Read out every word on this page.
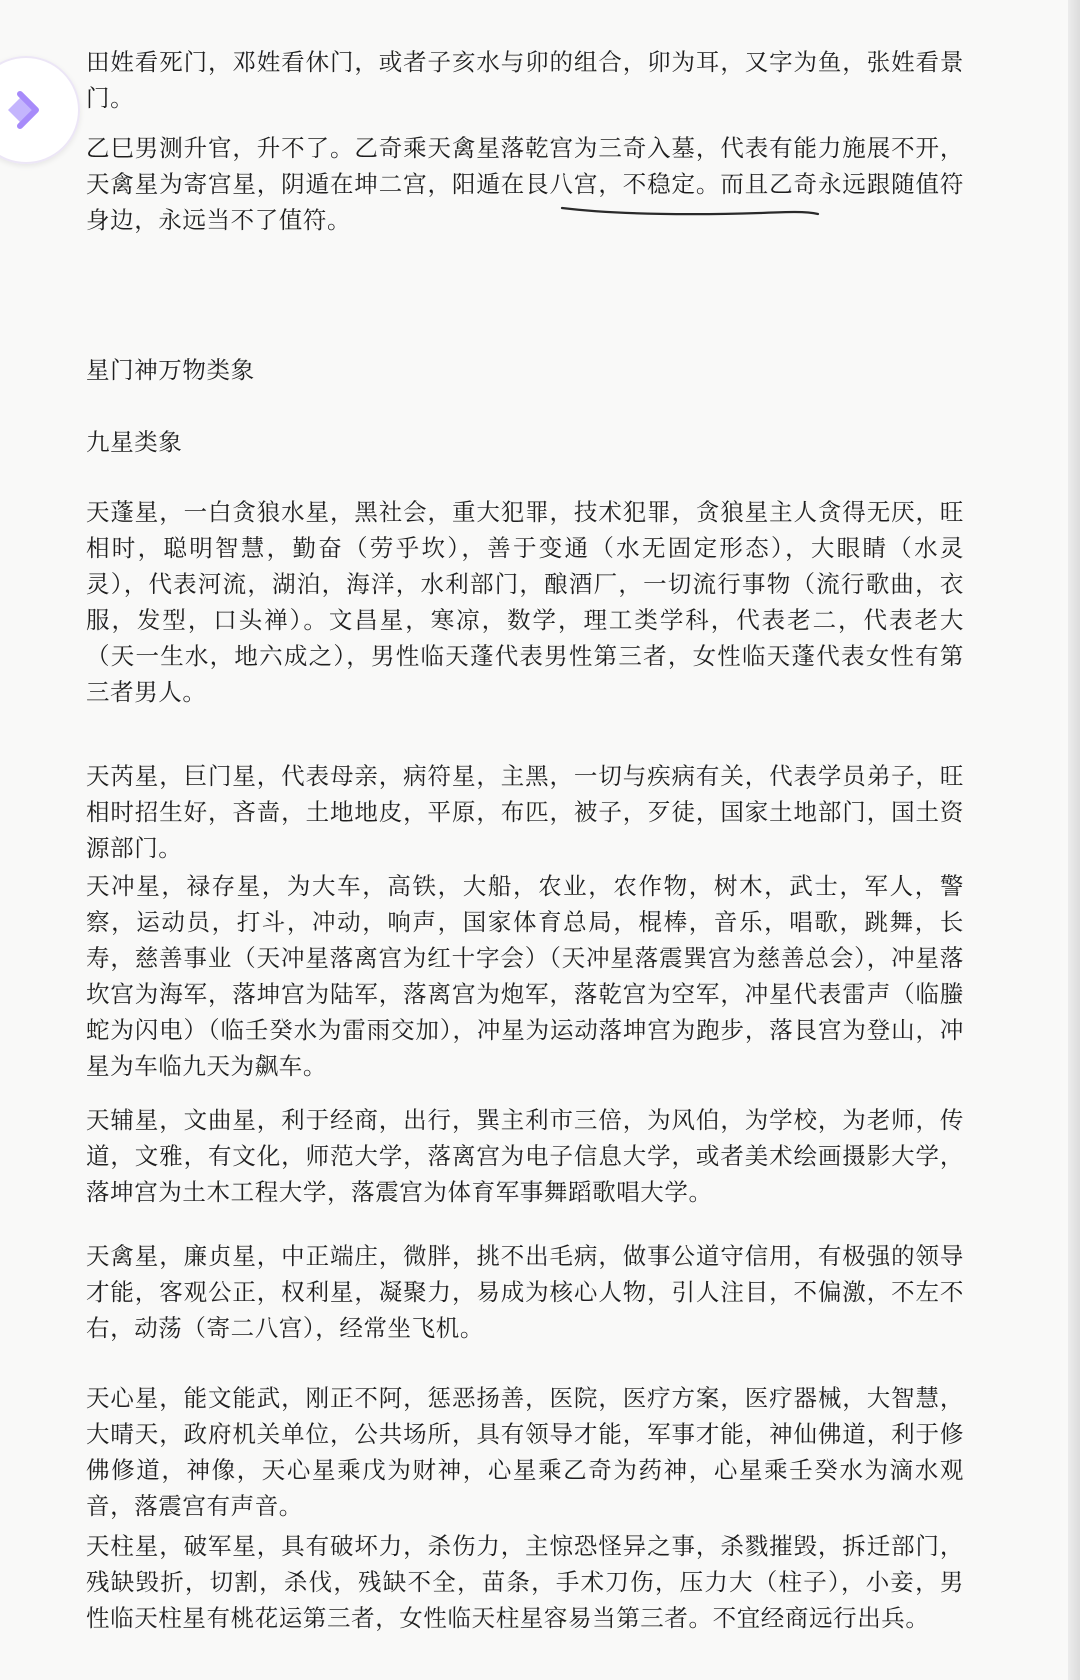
田姓看死门，邓姓看休门，或者子亥水与卯的组合，卯为耳，又字为鱼，张姓看景门。

乙巳男测升官，升不了。乙奇乘天禽星落乾宫为三奇入墓，代表有能力施展不开，天禽星为寄宫星，阴遁在坤二宫，阳遁在艮八宫，不稳定。而且乙奇永远跟随值符身边，永远当不了值符。

星门神万物类象
九星类象

天蓬星，一白贪狼水星，黑社会，重大犯罪，技术犯罪，贪狼星主人贪得无厌，旺相时，聪明智慧，勤奋（劳乎坎），善于变通（水无固定形态），大眼睛（水灵灵），代表河流，湖泊，海洋，水利部门，酿酒厂，一切流行事物（流行歌曲，衣服，发型，口头禅）。文昌星，寒凉，数学，理工类学科，代表老二，代表老大（天一生水，地六成之），男性临天蓬代表男性第三者，女性临天蓬代表女性有第三者男人。

天芮星，巨门星，代表母亲，病符星，主黑，一切与疾病有关，代表学员弟子，旺相时招生好，吝啬，土地地皮，平原，布匹，被子，歹徒，国家土地部门，国土资源部门。

天冲星，禄存星，为大车，高铁，大船，农业，农作物，树木，武士，军人，警察，运动员，打斗，冲动，响声，国家体育总局，棍棒，音乐，唱歌，跳舞，长寿，慈善事业（天冲星落离宫为红十字会）（天冲星落震巽宫为慈善总会），冲星落坎宫为海军，落坤宫为陆军，落离宫为炮军，落乾宫为空军，冲星代表雷声（临螣蛇为闪电）（临壬癸水为雷雨交加），冲星为运动落坤宫为跑步，落艮宫为登山，冲星为车临九天为飙车。

天辅星，文曲星，利于经商，出行，巽主利市三倍，为风伯，为学校，为老师，传道，文雅，有文化，师范大学，落离宫为电子信息大学，或者美术绘画摄影大学，落坤宫为土木工程大学，落震宫为体育军事舞蹈歌唱大学。

天禽星，廉贞星，中正端庄，微胖，挑不出毛病，做事公道守信用，有极强的领导才能，客观公正，权利星，凝聚力，易成为核心人物，引人注目，不偏激，不左不右，动荡（寄二八宫），经常坐飞机。

天心星，能文能武，刚正不阿，惩恶扬善，医院，医疗方案，医疗器械，大智慧，大晴天，政府机关单位，公共场所，具有领导才能，军事才能，神仙佛道，利于修佛修道，神像，天心星乘戊为财神，心星乘乙奇为药神，心星乘壬癸水为滴水观音，落震宫有声音。

天柱星，破军星，具有破坏力，杀伤力，主惊恐怪异之事，杀戮摧毁，拆迁部门，残缺毁折，切割，杀伐，残缺不全，苗条，手术刀伤，压力大（柱子），小妾，男性临天柱星有桃花运第三者，女性临天柱星容易当第三者。不宜经商远行出兵。
